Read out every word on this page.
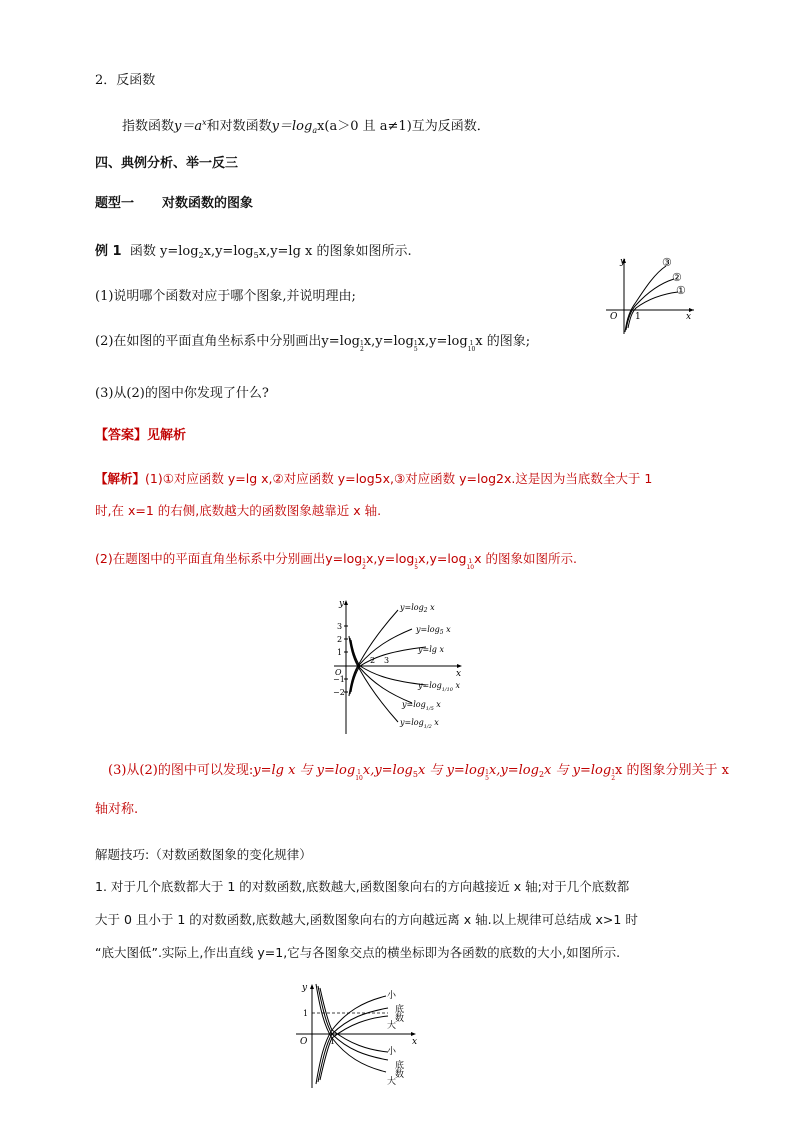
2．反函数
指数函数$y=a^x$和对数函数$y=\log_ax(a>0$ 且 a≠1)互为反函数．
四、典例分析、举一反三
题型一 对数函数的图象
例 1 函数 $y=\log_2x,y=\log_5x,y=\lg$ x 的图象如图所示.
(1)说明哪个函数对应于哪个图象,并说明理由;
(2)在如图的平面直角坐标系中分别画出y=log1
2x,y=log1
5x,y=log 1
10x 的图象;
(3)从(2)的图中你发现了什么?
y
x
O 1
③
②
①
【答案】见解析
【解析】(1)①对应函数 y=lg x,②对应函数 y=log5x,③对应函数 y=log2x.这是因为当底数全大于 1
时,在 x=1 的右侧,底数越大的函数图象越靠近 x 轴.
(2)在题图中的平面直角坐标系中分别画出y=log1
2x,y=log1
5x,y=log 1
10x 的图象如图所示.
y
x
O
3
2
1
−1
−2
2 3
$y=\log_2$ x
$y=\log_5$ x
y=lg x
$y=\log_{1/10}$ x
$y=\log_{1/5}$ x
$y=\log_{1/2}$ x
(3)从(2)的图中可以发现:y=lg x 与 y=log 1
$10x,y=\log_5x$ 与 y=log1
$5x,y=\log_2x$ 与 y=log1
2x 的图象分别关于 x
轴对称.
解题技巧:（对数函数图象的变化规律）
1. 对于几个底数都大于 1 的对数函数,底数越大,函数图象向右的方向越接近 x 轴;对于几个底数都
大于 0 且小于 1 的对数函数,底数越大,函数图象向右的方向越远离 x 轴.以上规律可总结成 x>1 时
“底大图低”.实际上,作出直线 y=1,它与各图象交点的横坐标即为各函数的底数的大小,如图所示.
y
x
O
1
1
小
底数
大
小
底数
大
